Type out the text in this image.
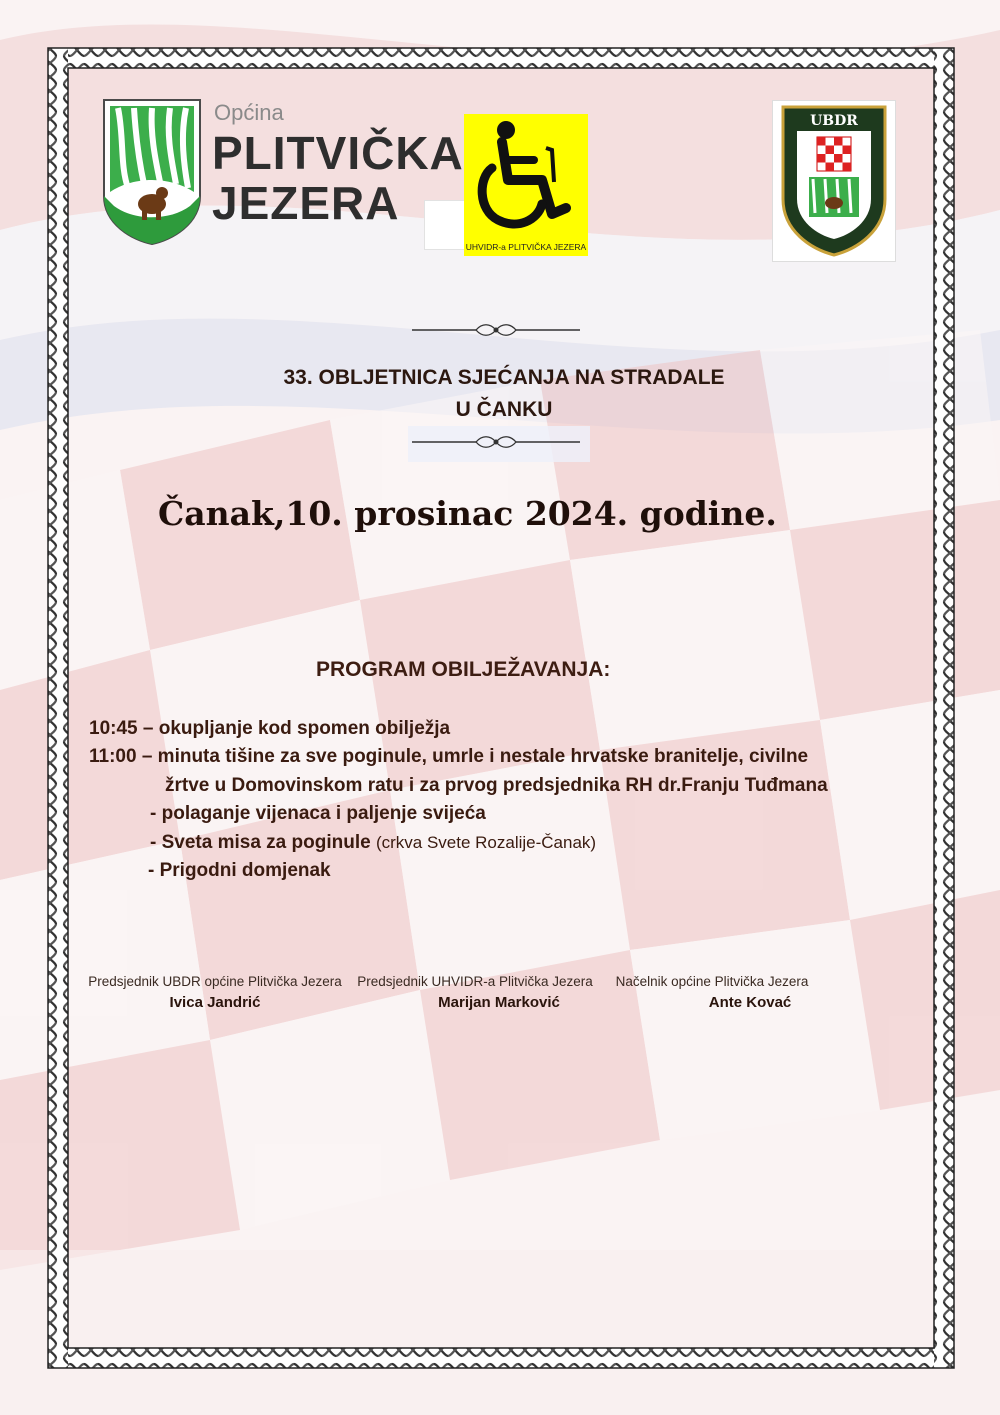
Općina
PLITVIČKA
JEZERA
UHVIDR-a PLITVIČKA JEZERA
UBDR
33. OBLJETNICA SJEĆANJA NA STRADALE
U ČANKU
Čanak,10. prosinac 2024. godine.
PROGRAM OBILJEŽAVANJA:
10:45 – okupljanje kod spomen obilježja
11:00 – minuta tišine za sve poginule, umrle i nestale hrvatske branitelje, civilne
žrtve u Domovinskom ratu i za prvog predsjednika RH dr.Franju Tuđmana
- polaganje vijenaca i paljenje svijeća
- Sveta misa za poginule (crkva Svete Rozalije-Čanak)
- Prigodni domjenak
Predsjednik UBDR općine Plitvička Jezera
Ivica Jandrić
Predsjednik UHVIDR-a Plitvička Jezera
Marijan Marković
Načelnik općine Plitvička Jezera
Ante Kovać
